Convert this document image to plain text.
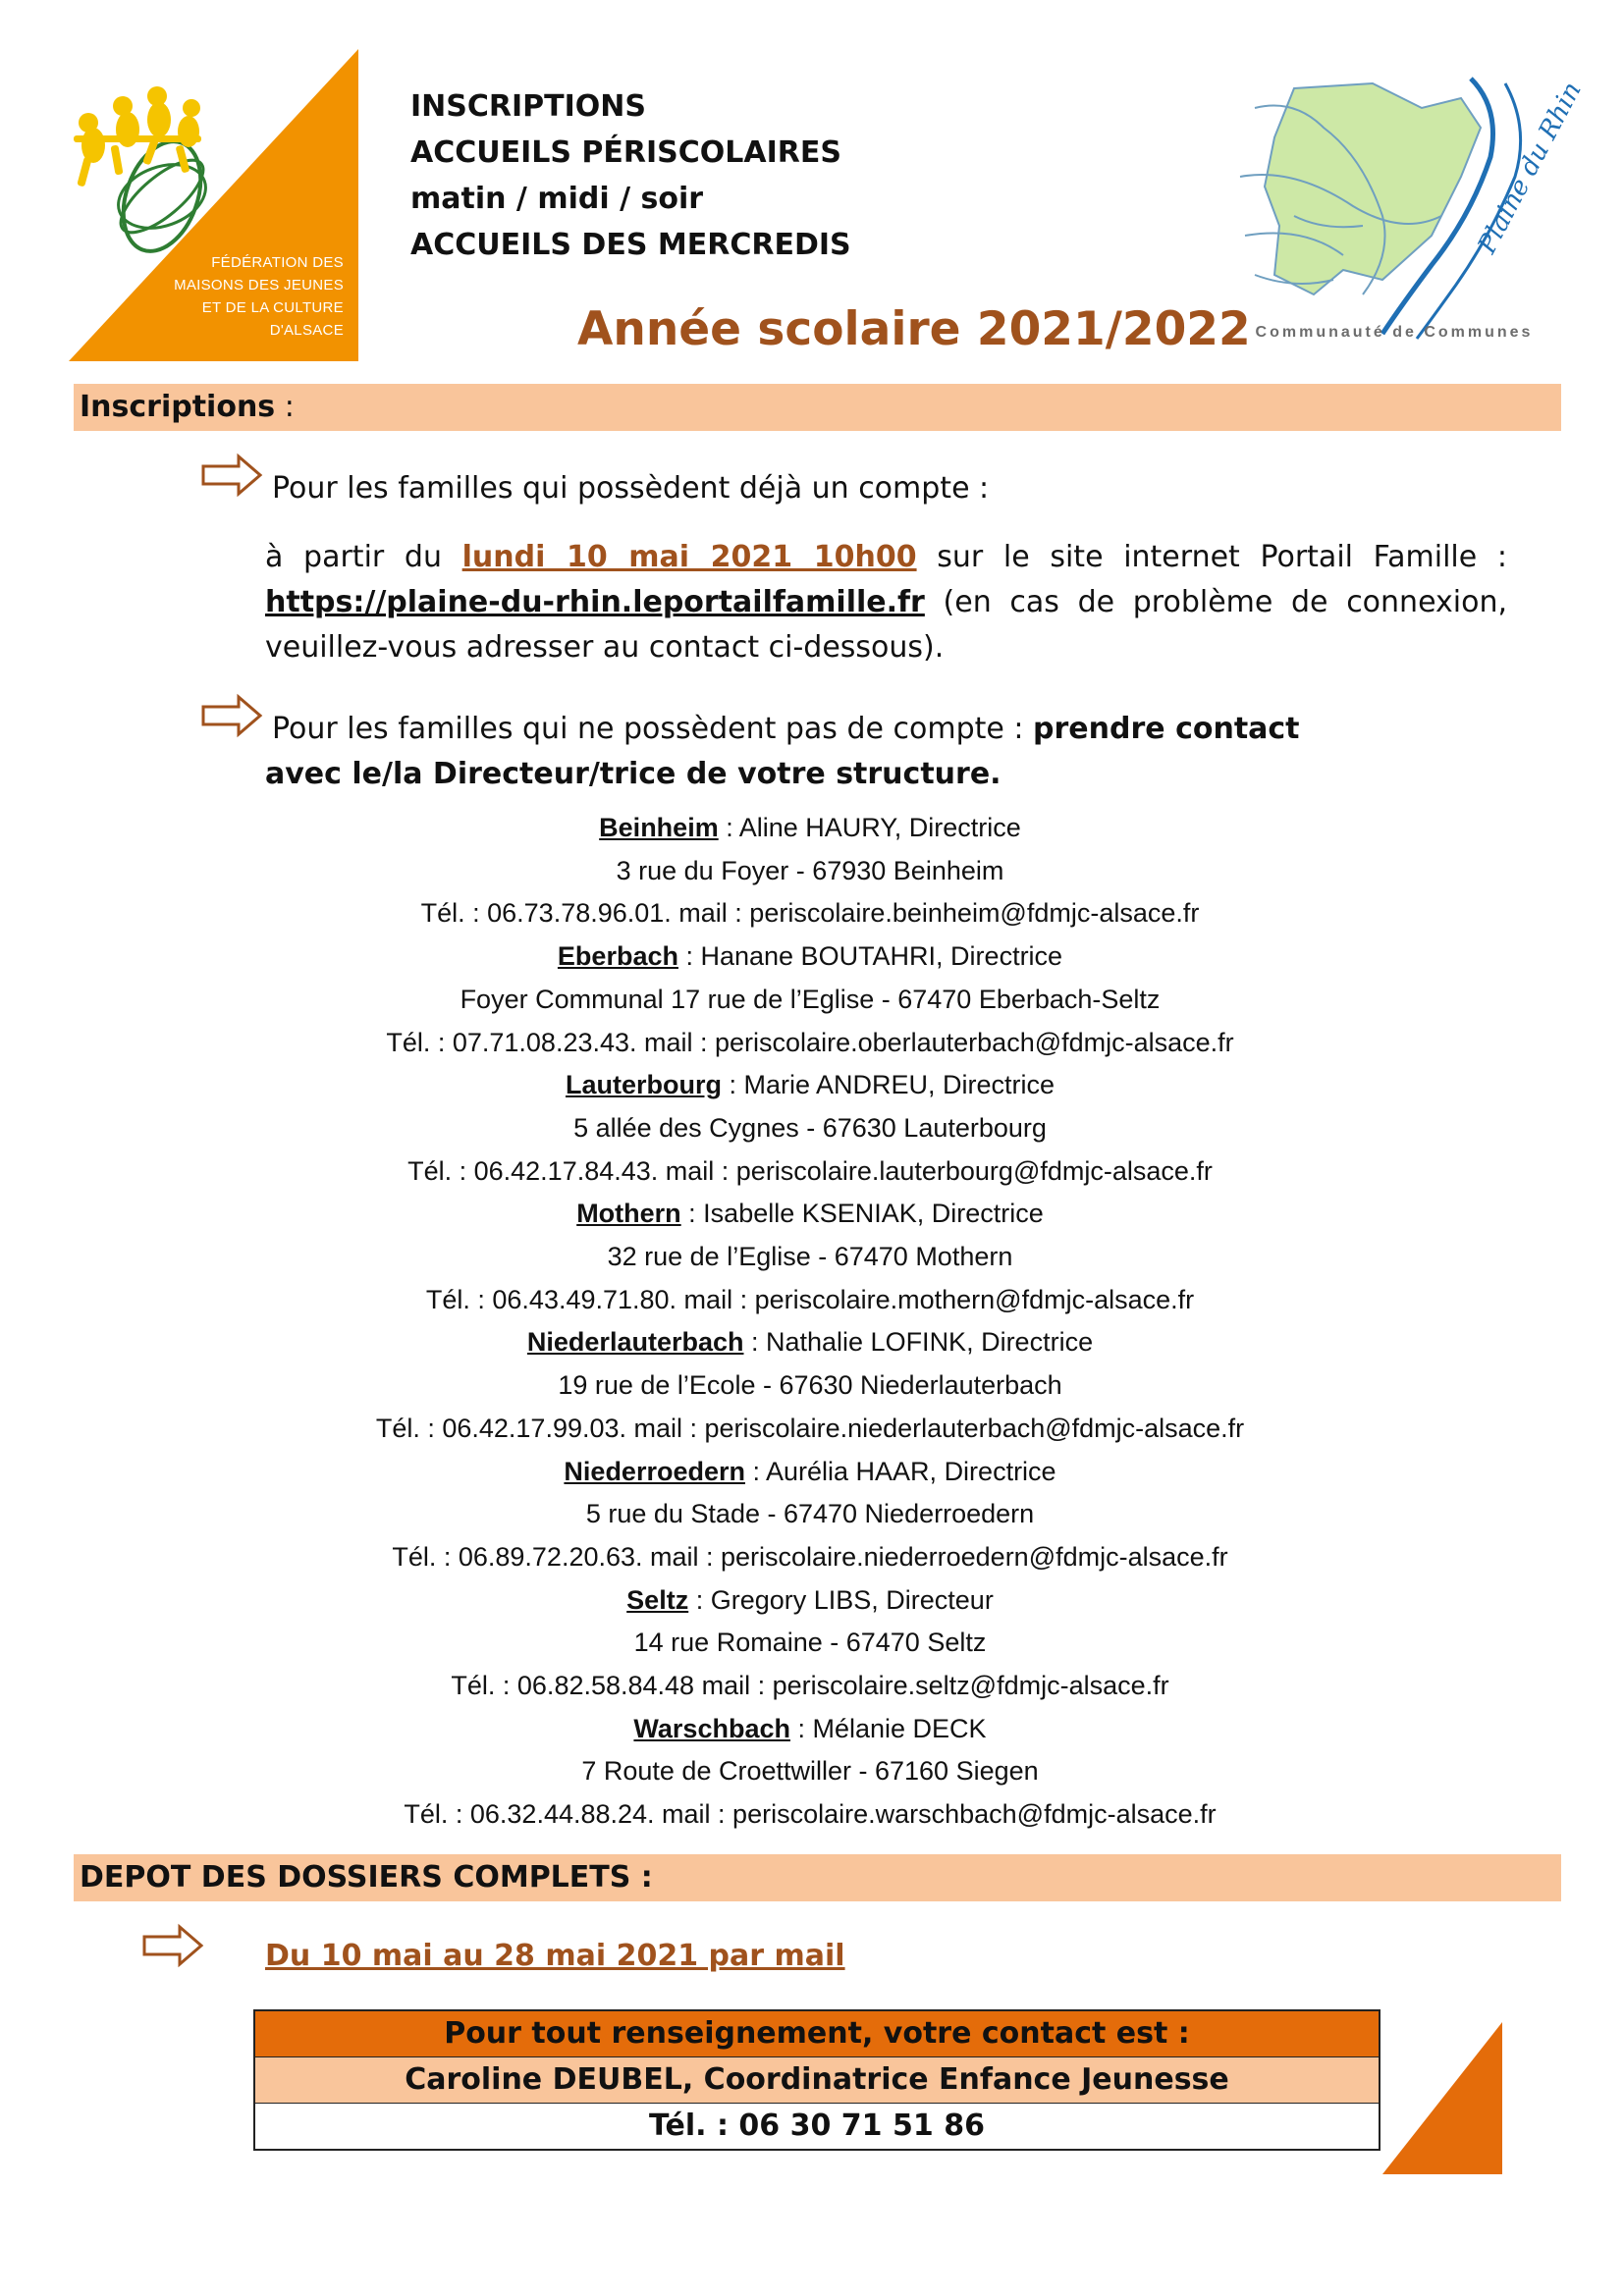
FÉDÉRATION DES
MAISONS DES JEUNES
ET DE LA CULTURE
D'ALSACE
INSCRIPTIONS
ACCUEILS PÉRISCOLAIRES
matin / midi / soir
ACCUEILS DES MERCREDIS
Année scolaire 2021/2022
Plaine du Rhin
Communauté de Communes
Inscriptions :
Pour les familles qui possèdent déjà un compte :
à partir du lundi 10 mai 2021 10h00 sur le site internet Portail Famille : https://plaine-du-rhin.leportailfamille.fr (en cas de problème de connexion, veuillez-vous adresser au contact ci-dessous).
Pour les familles qui ne possèdent pas de compte : prendre contact
avec le/la Directeur/trice de votre structure.
Beinheim : Aline HAURY, Directrice
3 rue du Foyer - 67930 Beinheim
Tél. : 06.73.78.96.01. mail : periscolaire.beinheim@fdmjc-alsace.fr
Eberbach : Hanane BOUTAHRI, Directrice
Foyer Communal 17 rue de l’Eglise - 67470 Eberbach-Seltz
Tél. : 07.71.08.23.43. mail : periscolaire.oberlauterbach@fdmjc-alsace.fr
Lauterbourg : Marie ANDREU, Directrice
5 allée des Cygnes - 67630 Lauterbourg
Tél. : 06.42.17.84.43. mail : periscolaire.lauterbourg@fdmjc-alsace.fr
Mothern : Isabelle KSENIAK, Directrice
32 rue de l’Eglise - 67470 Mothern
Tél. : 06.43.49.71.80. mail : periscolaire.mothern@fdmjc-alsace.fr
Niederlauterbach : Nathalie LOFINK, Directrice
19 rue de l’Ecole - 67630 Niederlauterbach
Tél. : 06.42.17.99.03. mail : periscolaire.niederlauterbach@fdmjc-alsace.fr
Niederroedern : Aurélia HAAR, Directrice
5 rue du Stade - 67470 Niederroedern
Tél. : 06.89.72.20.63. mail : periscolaire.niederroedern@fdmjc-alsace.fr
Seltz : Gregory LIBS, Directeur
14 rue Romaine - 67470 Seltz
Tél. : 06.82.58.84.48 mail : periscolaire.seltz@fdmjc-alsace.fr
Warschbach : Mélanie DECK
7 Route de Croettwiller - 67160 Siegen
Tél. : 06.32.44.88.24. mail : periscolaire.warschbach@fdmjc-alsace.fr
DEPOT DES DOSSIERS COMPLETS :
Du 10 mai au 28 mai 2021 par mail
Pour tout renseignement, votre contact est :
Caroline DEUBEL, Coordinatrice Enfance Jeunesse
Tél. : 06 30 71 51 86
